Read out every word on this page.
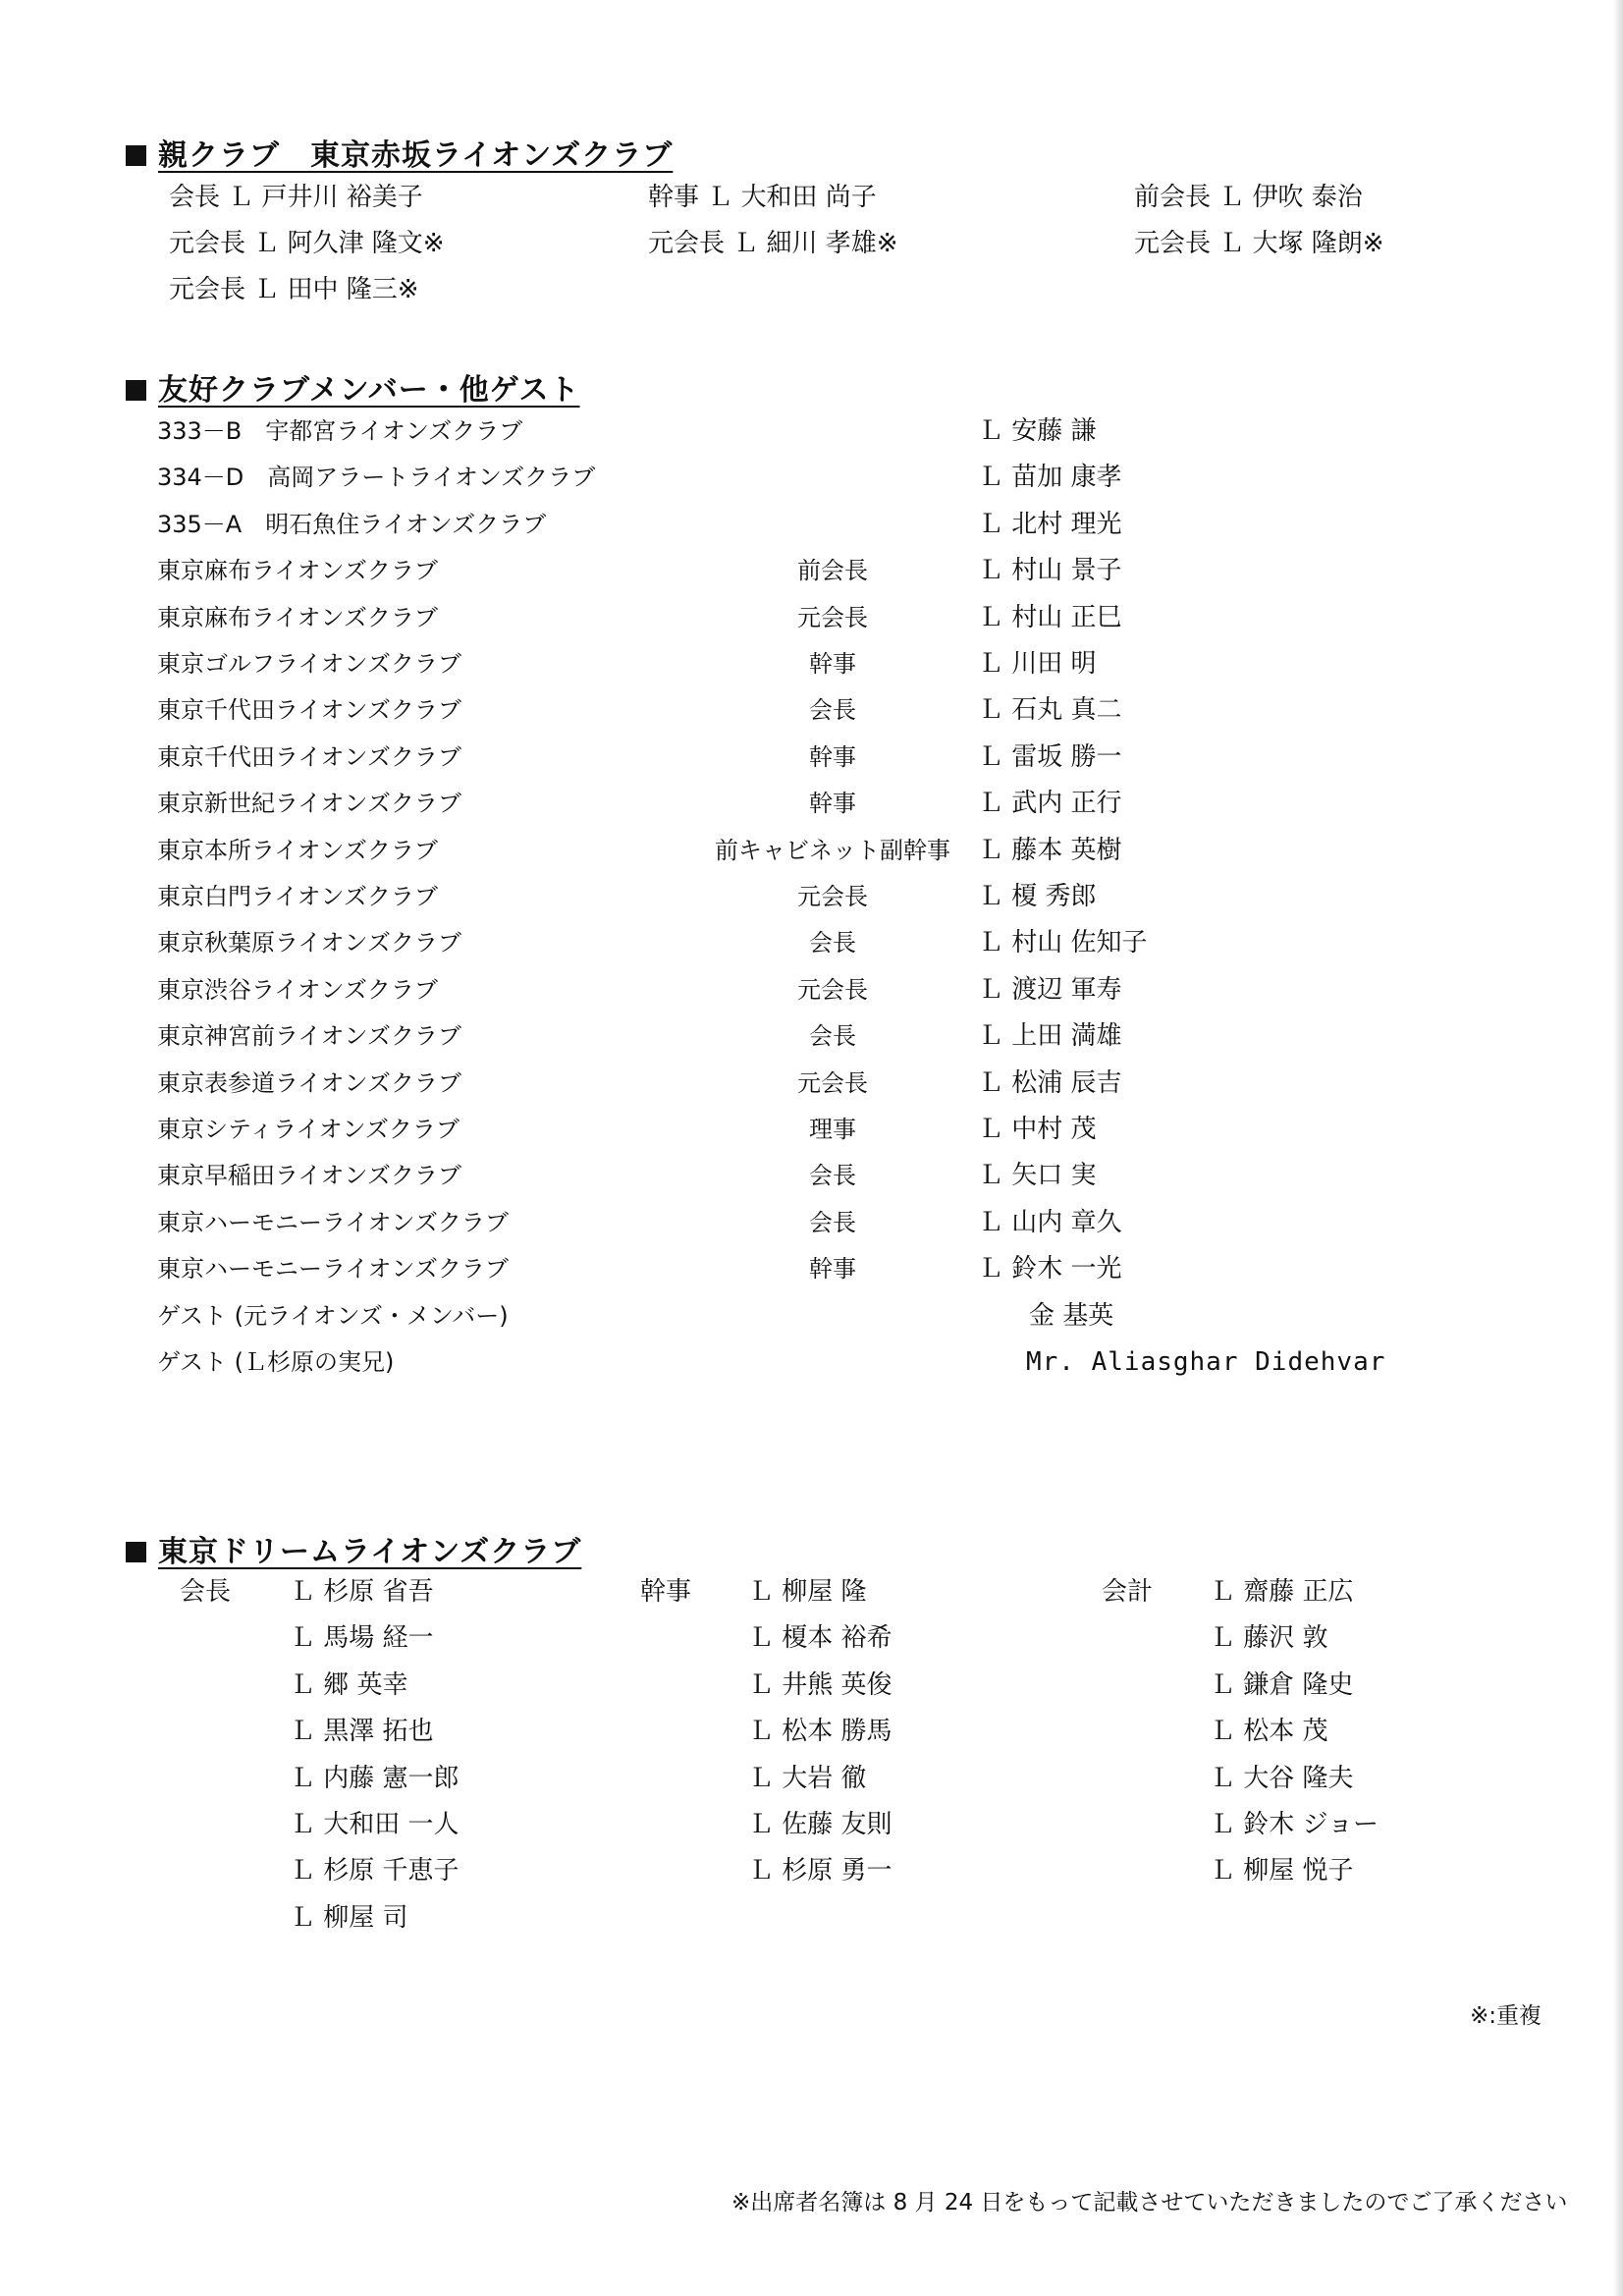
親クラブ　東京赤坂ライオンズクラブ
友好クラブメンバー・他ゲスト
東京ドリームライオンズクラブ
※:重複
※出席者名簿は 8 月 24 日をもって記載させていただきましたのでご了承ください
会長 Ｌ 戸井川 裕美子	幹事 Ｌ 大和田 尚子	前会長 Ｌ 伊吹 泰治
元会長 Ｌ 阿久津 隆文※	元会長 Ｌ 細川 孝雄※	元会長 Ｌ 大塚 隆朗※
元会長 Ｌ 田中 隆三※
333－B　宇都宮ライオンズクラブ	Ｌ 安藤 謙
334－D　高岡アラートライオンズクラブ	Ｌ 苗加 康孝
335－A　明石魚住ライオンズクラブ	Ｌ 北村 理光
東京麻布ライオンズクラブ	前会長	Ｌ 村山 景子
東京麻布ライオンズクラブ	元会長	Ｌ 村山 正巳
東京ゴルフライオンズクラブ	幹事	Ｌ 川田 明
東京千代田ライオンズクラブ	会長	Ｌ 石丸 真二
東京千代田ライオンズクラブ	幹事	Ｌ 雷坂 勝一
東京新世紀ライオンズクラブ	幹事	Ｌ 武内 正行
東京本所ライオンズクラブ	前キャビネット副幹事 Ｌ 藤本 英樹
東京白門ライオンズクラブ	元会長	Ｌ 榎 秀郎
東京秋葉原ライオンズクラブ	会長	Ｌ 村山 佐知子
東京渋谷ライオンズクラブ	元会長	Ｌ 渡辺 軍寿
東京神宮前ライオンズクラブ	会長	Ｌ 上田 満雄
東京表参道ライオンズクラブ	元会長	Ｌ 松浦 辰吉
東京シティライオンズクラブ	理事	Ｌ 中村 茂
東京早稲田ライオンズクラブ	会長	Ｌ 矢口 実
東京ハーモニーライオンズクラブ	会長	Ｌ 山内 章久
東京ハーモニーライオンズクラブ	幹事	Ｌ 鈴木 一光
ゲスト (元ライオンズ・メンバー)	金 基英
ゲスト (Ｌ杉原の実兄)	Mr. Aliasghar Didehvar
会長 Ｌ 杉原 省吾
Ｌ 馬場 経一
Ｌ 郷 英幸
Ｌ 黒澤 拓也
Ｌ 内藤 憲一郎
Ｌ 大和田 一人
Ｌ 杉原 千恵子
Ｌ 柳屋 司
幹事 Ｌ 柳屋 隆
Ｌ 榎本 裕希
Ｌ 井熊 英俊
Ｌ 松本 勝馬
Ｌ 大岩 徹
Ｌ 佐藤 友則
Ｌ 杉原 勇一
会計 Ｌ 齋藤 正広
Ｌ 藤沢 敦
Ｌ 鎌倉 隆史
Ｌ 松本 茂
Ｌ 大谷 隆夫
Ｌ 鈴木 ジョー
Ｌ 柳屋 悦子
